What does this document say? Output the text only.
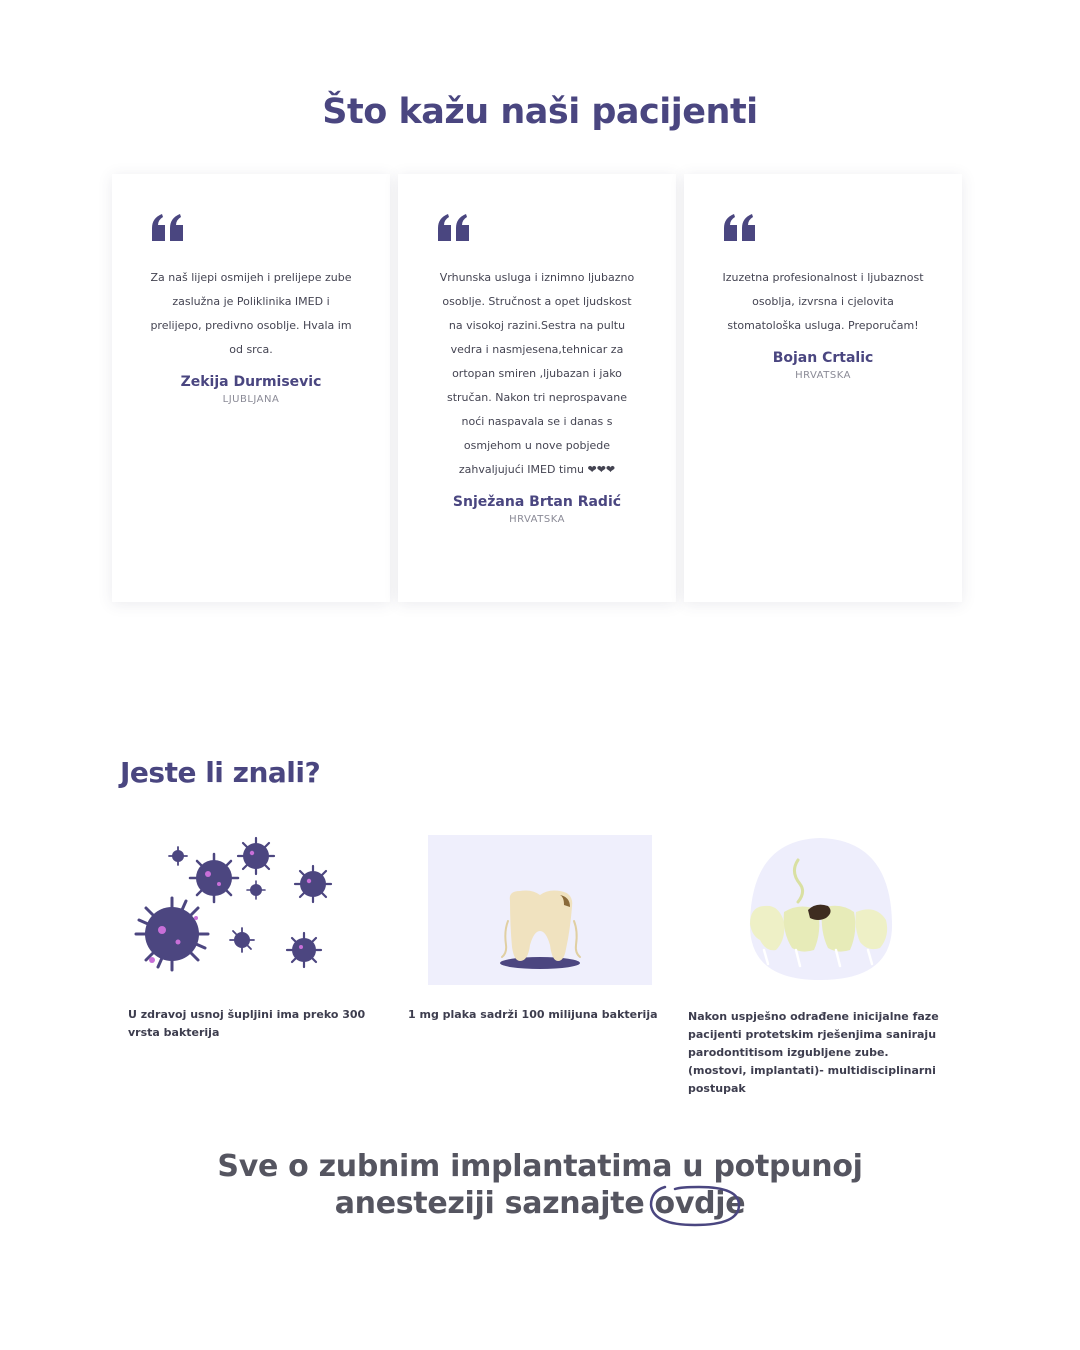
Što kažu naši pacijenti

Za naš lijepi osmijeh i prelijepe zube zaslužna je Poliklinika IMED i prelijepo, predivno osoblje. Hvala im od srca.

Zekija Durmisevic
LJUBLJANA

Vrhunska usluga i iznimno ljubazno osoblje. Stručnost a opet ljudskost na visokoj razini.Sestra na pultu vedra i nasmjesena,tehnicar za ortopan smiren ,ljubazan i jako stručan. Nakon tri neprospavane noći naspavala se i danas s osmjehom u nove pobjede zahvaljujući IMED timu ❤❤❤

Snježana Brtan Radić
HRVATSKA

Izuzetna profesionalnost i ljubaznost osoblja, izvrsna i cjelovita stomatološka usluga. Preporučam!

Bojan Crtalic
HRVATSKA
Jeste li znali?

U zdravoj usnoj šupljini ima preko 300 vrsta bakterija

1 mg plaka sadrži 100 milijuna bakterija	Nakon uspješno odrađene inicijalne faze pacijenti protetskim rješenjima saniraju parodontitisom izgubljene zube. (mostovi, implantati)- multidisciplinarni postupak

Sve o zubnim implantatima u potpunoj
anesteziji saznajte ovdje
